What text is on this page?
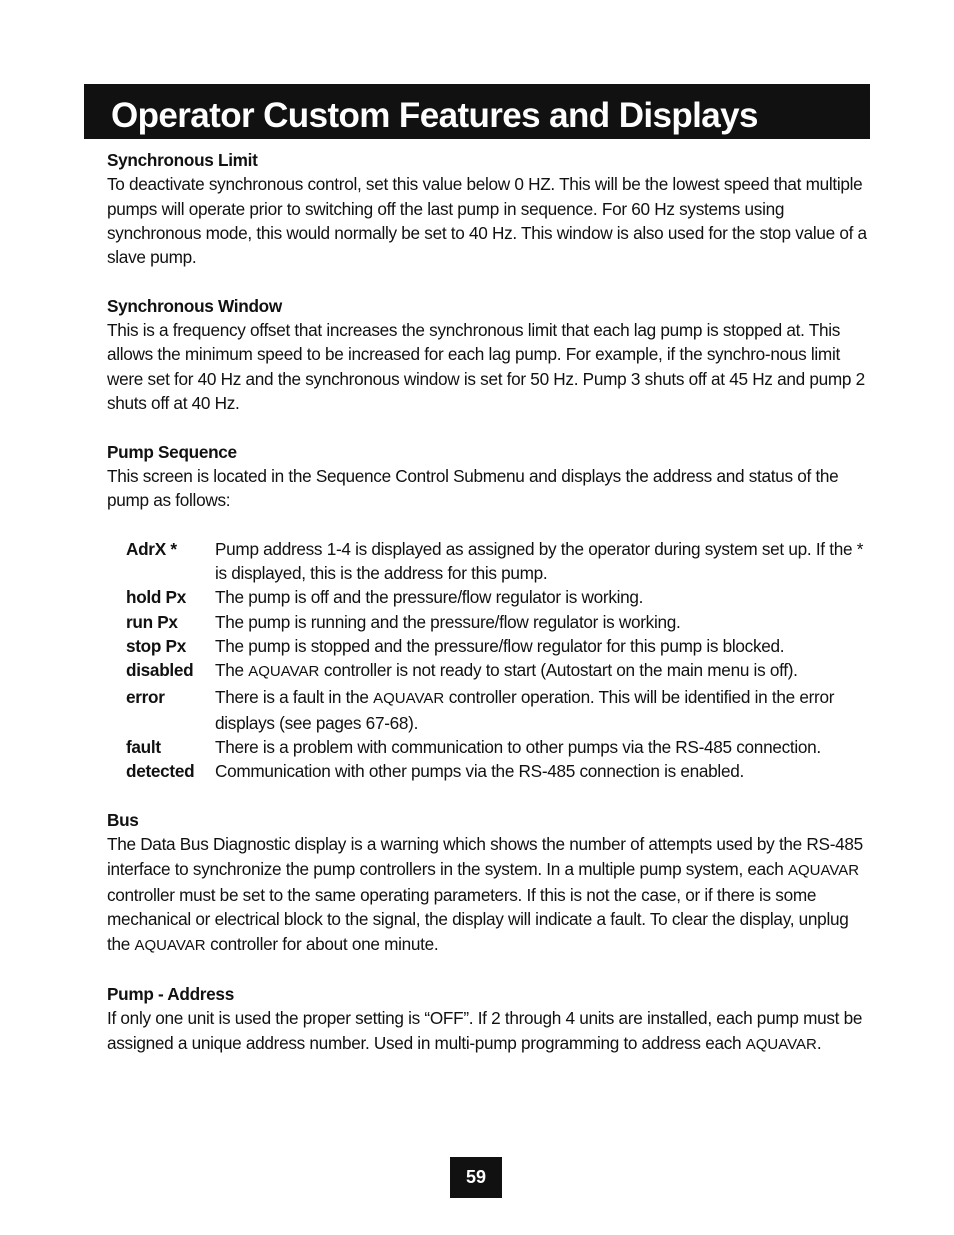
Operator Custom Features and Displays
Synchronous Limit

To deactivate synchronous control, set this value below 0 HZ. This will be the lowest speed that multiple pumps will operate prior to switching off the last pump in sequence. For 60 Hz systems using synchronous mode, this would normally be set to 40 Hz. This window is also used for the stop value of a slave pump.

Synchronous Window

This is a frequency offset that increases the synchronous limit that each lag pump is stopped at. This allows the minimum speed to be increased for each lag pump. For example, if the synchro-nous limit were set for 40 Hz and the synchronous window is set for 50 Hz. Pump 3 shuts off at 45 Hz and pump 2 shuts off at 40 Hz.

Pump Sequence

This screen is located in the Sequence Control Submenu and displays the address and status of the pump as follows:

AdrX *	Pump address 1-4 is displayed as assigned by the operator during system set up. If the * is displayed, this is the address for this pump.
hold Px	The pump is off and the pressure/flow regulator is working.
run Px	The pump is running and the pressure/flow regulator is working.
stop Px	The pump is stopped and the pressure/flow regulator for this pump is blocked.
disabled	The AQUAVAR controller is not ready to start (Autostart on the main menu is off).
error	There is a fault in the AQUAVAR controller operation. This will be identified in the error displays (see pages 67-68).
fault	There is a problem with communication to other pumps via the RS-485 connection.
detected	Communication with other pumps via the RS-485 connection is enabled.
Bus

The Data Bus Diagnostic display is a warning which shows the number of attempts used by the RS-485 interface to synchronize the pump controllers in the system. In a multiple pump system, each AQUAVAR controller must be set to the same operating parameters. If this is not the case, or if there is some mechanical or electrical block to the signal, the display will indicate a fault. To clear the display, unplug the AQUAVAR controller for about one minute.

Pump - Address

If only one unit is used the proper setting is “OFF”. If 2 through 4 units are installed, each pump must be assigned a unique address number. Used in multi-pump programming to address each AQUAVAR.

59
